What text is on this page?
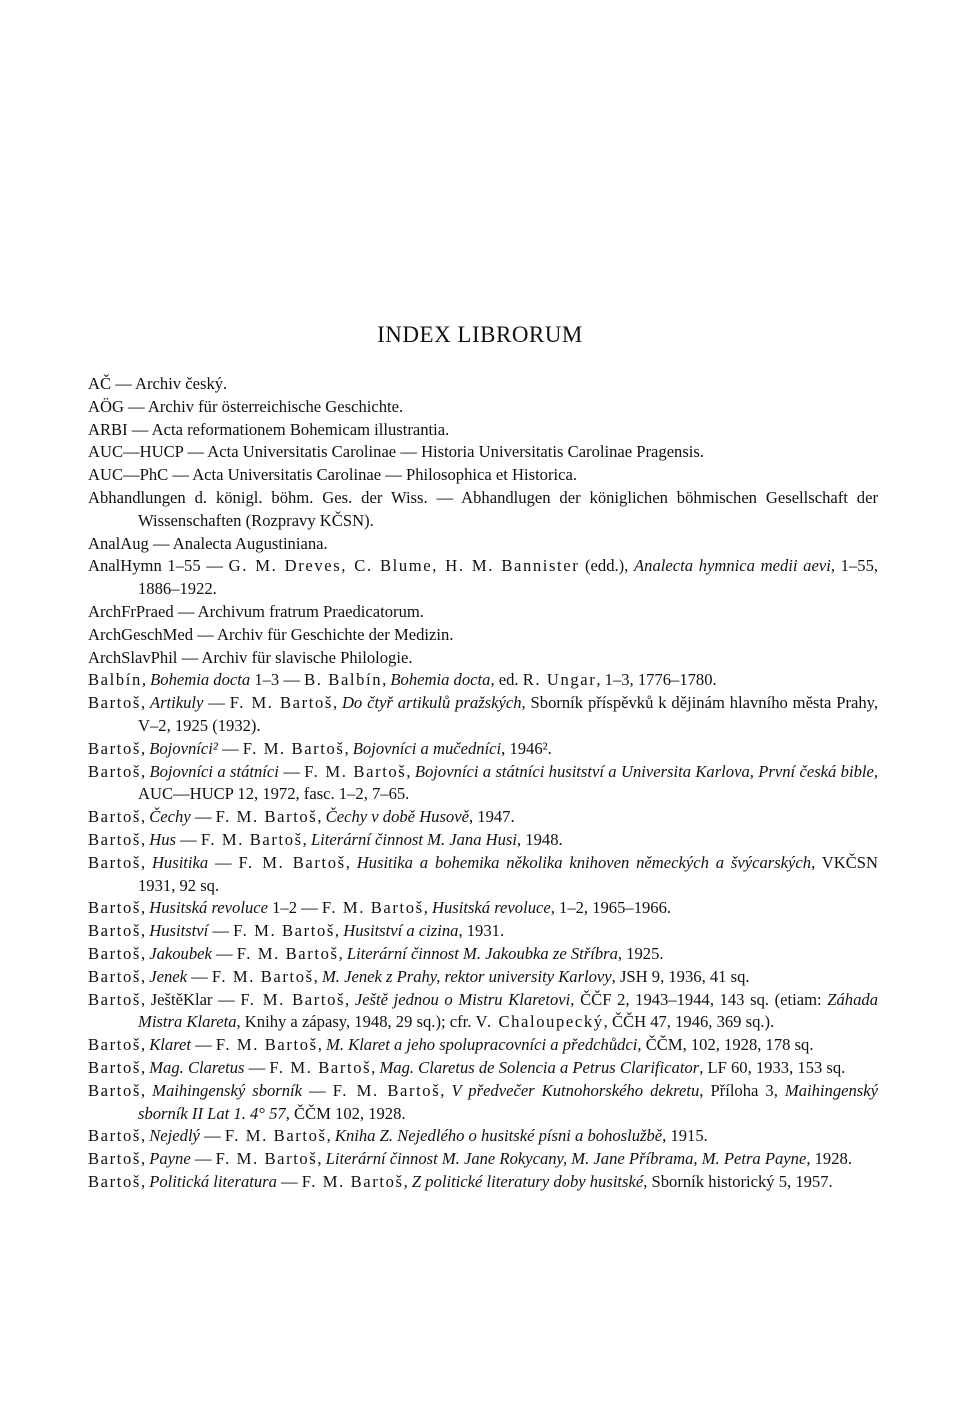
INDEX LIBRORUM
AČ — Archiv český.
AÖG — Archiv für österreichische Geschichte.
ARBI — Acta reformationem Bohemicam illustrantia.
AUC—HUCP — Acta Universitatis Carolinae — Historia Universitatis Carolinae Pragensis.
AUC—PhC — Acta Universitatis Carolinae — Philosophica et Historica.
Abhandlungen d. königl. böhm. Ges. der Wiss. — Abhandlugen der königlichen böhmischen Gesellschaft der Wissenschaften (Rozpravy KČSN).
AnalAug — Analecta Augustiniana.
AnalHymn 1–55 — G. M. Dreves, C. Blume, H. M. Bannister (edd.), Analecta hymnica medii aevi, 1–55, 1886–1922.
ArchFrPraed — Archivum fratrum Praedicatorum.
ArchGeschMed — Archiv für Geschichte der Medizin.
ArchSlavPhil — Archiv für slavische Philologie.
Balbín, Bohemia docta 1–3 — B. Balbín, Bohemia docta, ed. R. Ungar, 1–3, 1776–1780.
Bartoš, Artikuly — F. M. Bartoš, Do čtyř artikulů pražských, Sborník příspěvků k dějinám hlavního města Prahy, V–2, 1925 (1932).
Bartoš, Bojovníci² — F. M. Bartoš, Bojovníci a mučedníci, 1946².
Bartoš, Bojovníci a státníci — F. M. Bartoš, Bojovníci a státníci husitství a Universita Karlova, První česká bible, AUC—HUCP 12, 1972, fasc. 1–2, 7–65.
Bartoš, Čechy — F. M. Bartoš, Čechy v době Husově, 1947.
Bartoš, Hus — F. M. Bartoš, Literární činnost M. Jana Husi, 1948.
Bartoš, Husitika — F. M. Bartoš, Husitika a bohemika několika knihoven německých a švýcarských, VKČSN 1931, 92 sq.
Bartoš, Husitská revoluce 1–2 — F. M. Bartoš, Husitská revoluce, 1–2, 1965–1966.
Bartoš, Husitství — F. M. Bartoš, Husitství a cizina, 1931.
Bartoš, Jakoubek — F. M. Bartoš, Literární činnost M. Jakoubka ze Stříbra, 1925.
Bartoš, Jenek — F. M. Bartoš, M. Jenek z Prahy, rektor university Karlovy, JSH 9, 1936, 41 sq.
Bartoš, JeštěKlar — F. M. Bartoš, Ještě jednou o Mistru Klaretovi, ČČF 2, 1943–1944, 143 sq. (etiam: Záhada Mistra Klareta, Knihy a zápasy, 1948, 29 sq.); cfr. V. Chaloupecký, ČČH 47, 1946, 369 sq.).
Bartoš, Klaret — F. M. Bartoš, M. Klaret a jeho spolupracovníci a předchůdci, ČČM, 102, 1928, 178 sq.
Bartoš, Mag. Claretus — F. M. Bartoš, Mag. Claretus de Solencia a Petrus Clarificator, LF 60, 1933, 153 sq.
Bartoš, Maihingenský sborník — F. M. Bartoš, V předvečer Kutnohorského dekretu, Příloha 3, Maihingenský sborník II Lat 1. 4° 57, ČČM 102, 1928.
Bartoš, Nejedlý — F. M. Bartoš, Kniha Z. Nejedlého o husitské písni a bohoslužbě, 1915.
Bartoš, Payne — F. M. Bartoš, Literární činnost M. Jane Rokycany, M. Jane Příbrama, M. Petra Payne, 1928.
Bartoš, Politická literatura — F. M. Bartoš, Z politické literatury doby husitské, Sborník historický 5, 1957.
